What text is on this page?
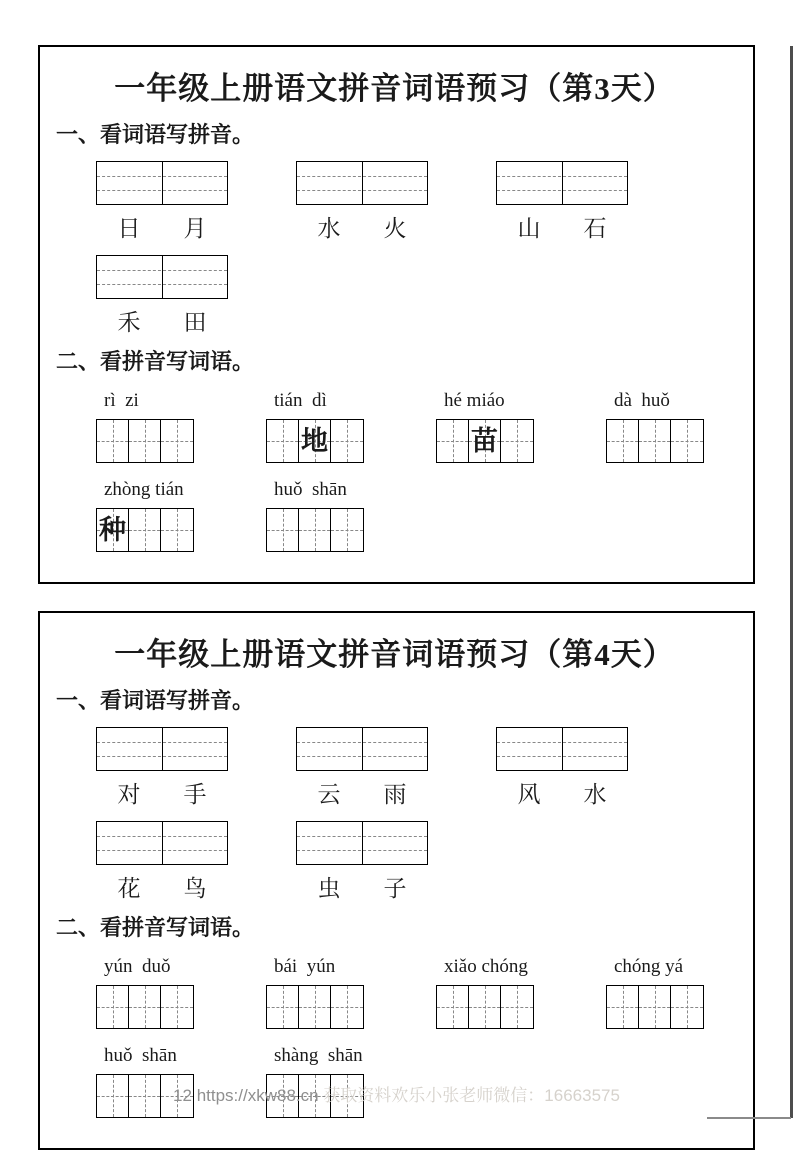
一年级上册语文拼音词语预习（第3天）
一、看词语写拼音。
日	月	水	火	山	石
禾	田
二、看拼音写词语。
rì  zi	tián  dì
地
hé miáo
苗
dà  huǒ
zhòng tián
种
huǒ  shān
一年级上册语文拼音词语预习（第4天）
一、看词语写拼音。
对	手	云	雨	风	水
花	鸟	虫	子
二、看拼音写词语。
yún  duǒ	bái  yún	xiǎo chóng	chóng yá
huǒ  shān	shàng  shān
12 https://xkw88.cn 获取资料欢乐小张老师微信：16663575
